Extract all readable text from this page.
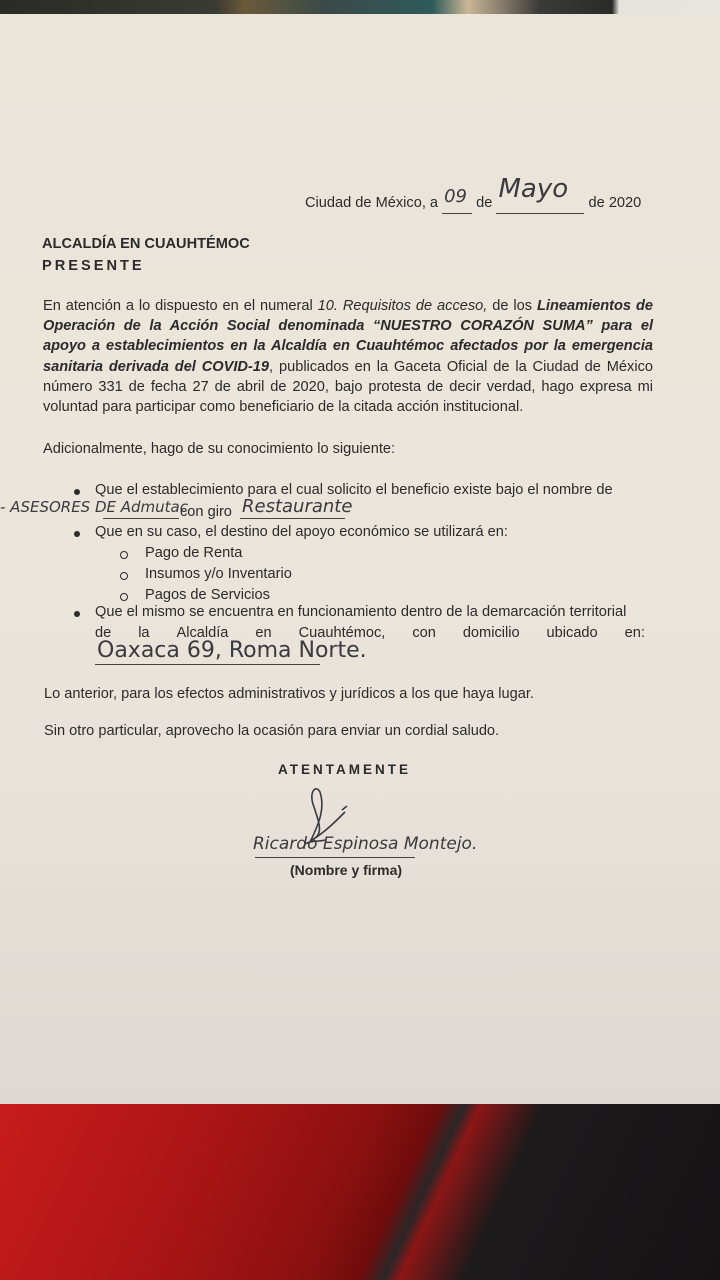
Ciudad de México, a 09 de Mayo de 2020
ALCALDÍA EN CUAUHTÉMOC
PRESENTE
En atención a lo dispuesto en el numeral 10. Requisitos de acceso, de los Lineamientos de Operación de la Acción Social denominada “NUESTRO CORAZÓN SUMA” para el apoyo a establecimientos en la Alcaldía en Cuauhtémoc afectados por la emergencia sanitaria derivada del COVID-19, publicados en la Gaceta Oficial de la Ciudad de México número 331 de fecha 27 de abril de 2020, bajo protesta de decir verdad, hago expresa mi voluntad para participar como beneficiario de la citada acción institucional.
Adicionalmente, hago de su conocimiento lo siguiente:
Que el establecimiento para el cual solicito el beneficio existe bajo el nombre de
- ASESORES DE Admutac
con giro Restaurante
Que en su caso, el destino del apoyo económico se utilizará en:
Pago de Renta
Insumos y/o Inventario
Pagos de Servicios
Que el mismo se encuentra en funcionamiento dentro de la demarcación territorial
de la Alcaldía en Cuauhtémoc, con domicilio ubicado en:
Oaxaca 69, Roma Norte.
Lo anterior, para los efectos administrativos y jurídicos a los que haya lugar.
Sin otro particular, aprovecho la ocasión para enviar un cordial saludo.
ATENTAMENTE
Ricardo Espinosa Montejo.
(Nombre y firma)
